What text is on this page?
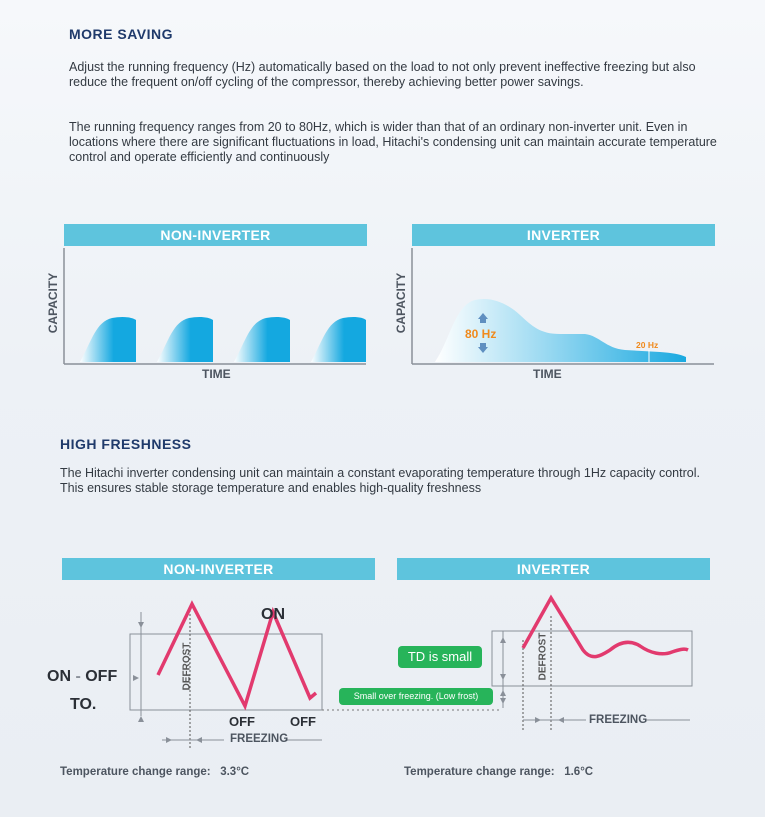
MORE SAVING

Adjust the running frequency (Hz) automatically based on the load to not only prevent ineffective freezing but also reduce the frequent on/off cycling of the compressor, thereby achieving better power savings.

The running frequency ranges from 20 to 80Hz, which is wider than that of an ordinary non-inverter unit. Even in locations where there are significant fluctuations in load, Hitachi's condensing unit can maintain accurate temperature control and operate efficiently and continuously

NON-INVERTER	INVERTER
CAPACITY	CAPACITY
TIME	TIME
80 Hz
20 Hz
HIGH FRESHNESS

The Hitachi inverter condensing unit can maintain a constant evaporating temperature through 1Hz capacity control. This ensures stable storage temperature and enables high-quality freshness

NON-INVERTER	INVERTER
ON
ON - OFF
TO.
DEFROST	DEFROST
OFF	OFF
FREEZING
FREEZING
TD is small
Small over freezing. (Low frost)
Temperature change range: 3.3°C	Temperature change range: 1.6°C
